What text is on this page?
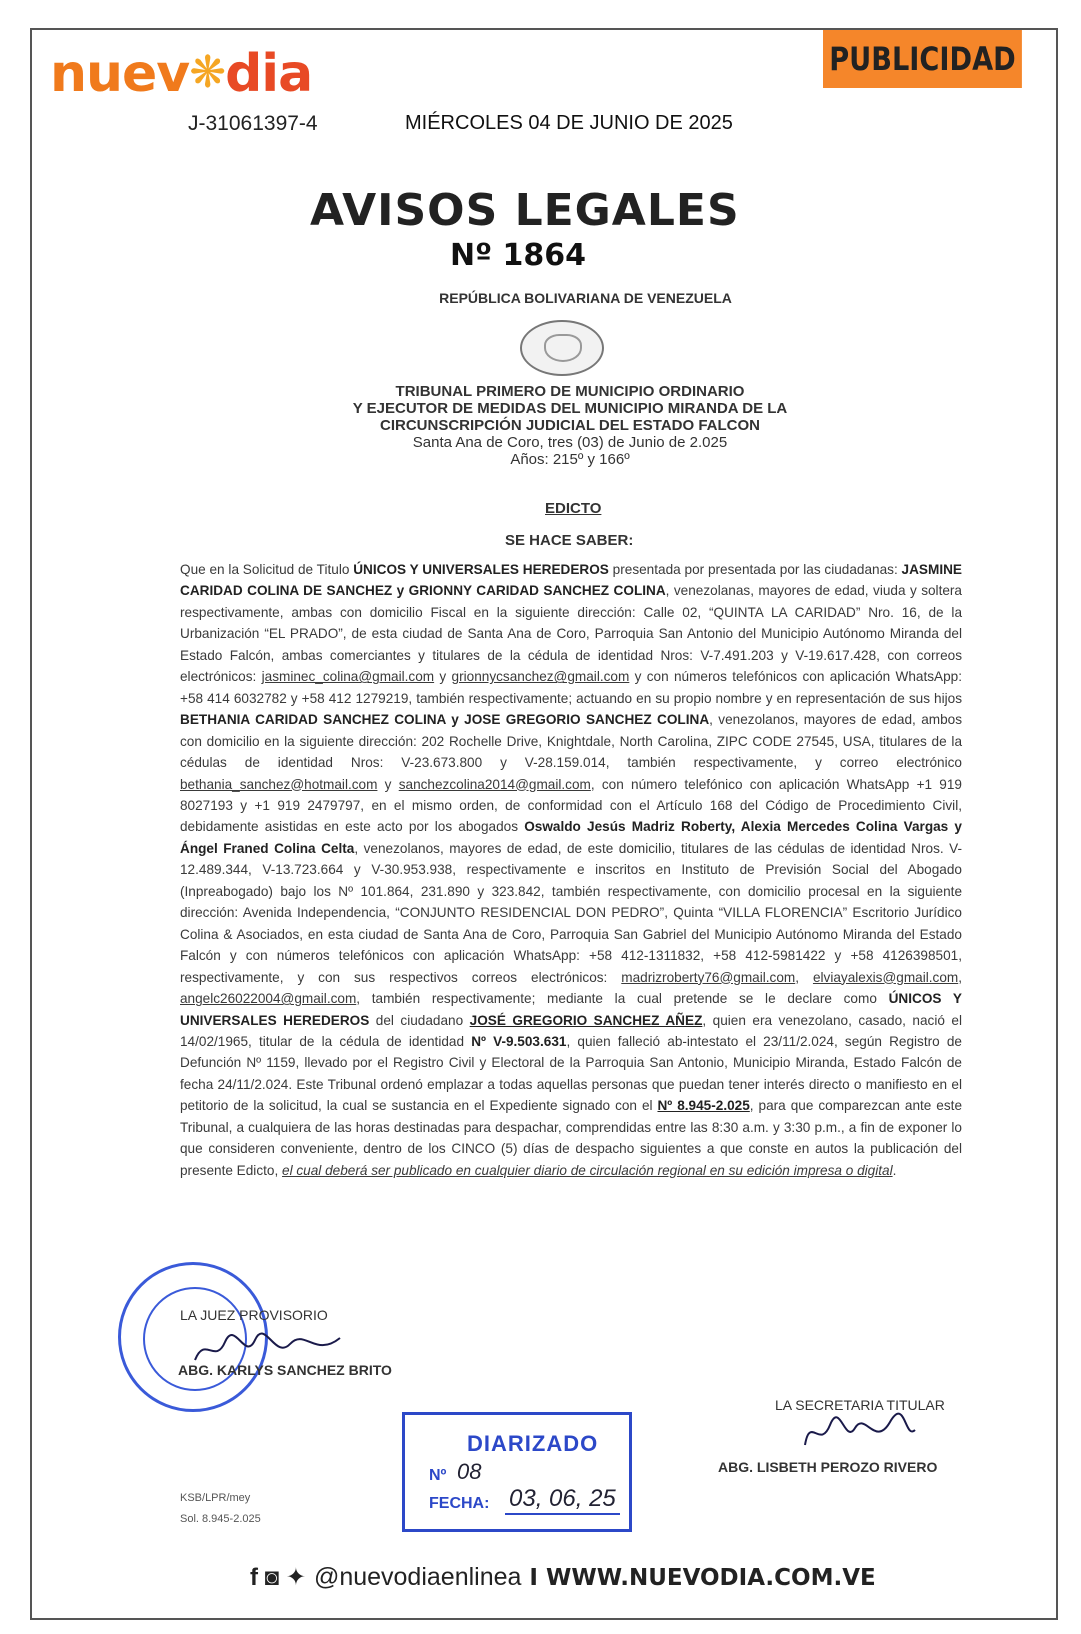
nuev❋dia
J-31061397-4	MIÉRCOLES 04 DE JUNIO DE 2025
PUBLICIDAD
AVISOS LEGALES
Nº 1864
REPÚBLICA BOLIVARIANA DE VENEZUELA
TRIBUNAL PRIMERO DE MUNICIPIO ORDINARIO
Y EJECUTOR DE MEDIDAS DEL MUNICIPIO MIRANDA DE LA
CIRCUNSCRIPCIÓN JUDICIAL DEL ESTADO FALCON
Santa Ana de Coro, tres (03) de Junio de 2.025
Años: 215º y 166º
EDICTO
SE HACE SABER:
Que en la Solicitud de Titulo ÚNICOS Y UNIVERSALES HEREDEROS presentada por presentada por las ciudadanas: JASMINE CARIDAD COLINA DE SANCHEZ y GRIONNY CARIDAD SANCHEZ COLINA, venezolanas, mayores de edad, viuda y soltera respectivamente, ambas con domicilio Fiscal en la siguiente dirección: Calle 02, “QUINTA LA CARIDAD” Nro. 16, de la Urbanización “EL PRADO”, de esta ciudad de Santa Ana de Coro, Parroquia San Antonio del Municipio Autónomo Miranda del Estado Falcón, ambas comerciantes y titulares de la cédula de identidad Nros: V-7.491.203 y V-19.617.428, con correos electrónicos: jasminec_colina@gmail.com y grionnycsanchez@gmail.com y con números telefónicos con aplicación WhatsApp: +58 414 6032782 y +58 412 1279219, también respectivamente; actuando en su propio nombre y en representación de sus hijos BETHANIA CARIDAD SANCHEZ COLINA y JOSE GREGORIO SANCHEZ COLINA, venezolanos, mayores de edad, ambos con domicilio en la siguiente dirección: 202 Rochelle Drive, Knightdale, North Carolina, ZIPC CODE 27545, USA, titulares de la cédulas de identidad Nros: V-23.673.800 y V-28.159.014, también respectivamente, y correo electrónico bethania_sanchez@hotmail.com y sanchezcolina2014@gmail.com, con número telefónico con aplicación WhatsApp +1 919 8027193 y +1 919 2479797, en el mismo orden, de conformidad con el Artículo 168 del Código de Procedimiento Civil, debidamente asistidas en este acto por los abogados Oswaldo Jesús Madriz Roberty, Alexia Mercedes Colina Vargas y Ángel Franed Colina Celta, venezolanos, mayores de edad, de este domicilio, titulares de las cédulas de identidad Nros. V-12.489.344, V-13.723.664 y V-30.953.938, respectivamente e inscritos en Instituto de Previsión Social del Abogado (Inpreabogado) bajo los Nº 101.864, 231.890 y 323.842, también respectivamente, con domicilio procesal en la siguiente dirección: Avenida Independencia, “CONJUNTO RESIDENCIAL DON PEDRO”, Quinta “VILLA FLORENCIA” Escritorio Jurídico Colina & Asociados, en esta ciudad de Santa Ana de Coro, Parroquia San Gabriel del Municipio Autónomo Miranda del Estado Falcón y con números telefónicos con aplicación WhatsApp: +58 412-1311832, +58 412-5981422 y +58 4126398501, respectivamente, y con sus respectivos correos electrónicos: madrizroberty76@gmail.com, elviayalexis@gmail.com, angelc26022004@gmail.com, también respectivamente; mediante la cual pretende se le declare como ÚNICOS Y UNIVERSALES HEREDEROS del ciudadano JOSÉ GREGORIO SANCHEZ AÑEZ, quien era venezolano, casado, nació el 14/02/1965, titular de la cédula de identidad Nº V-9.503.631, quien falleció ab-intestato el 23/11/2.024, según Registro de Defunción Nº 1159, llevado por el Registro Civil y Electoral de la Parroquia San Antonio, Municipio Miranda, Estado Falcón de fecha 24/11/2.024. Este Tribunal ordenó emplazar a todas aquellas personas que puedan tener interés directo o manifiesto en el petitorio de la solicitud, la cual se sustancia en el Expediente signado con el Nº 8.945-2.025, para que comparezcan ante este Tribunal, a cualquiera de las horas destinadas para despachar, comprendidas entre las 8:30 a.m. y 3:30 p.m., a fin de exponer lo que consideren conveniente, dentro de los CINCO (5) días de despacho siguientes a que conste en autos la publicación del presente Edicto, el cual deberá ser publicado en cualquier diario de circulación regional en su edición impresa o digital.
LA JUEZ PROVISORIO
ABG. KARLYS SANCHEZ BRITO
LA SECRETARIA TITULAR
ABG. LISBETH PEROZO RIVERO
DIARIZADO
Nº 08
FECHA: 03, 06, 25
KSB/LPR/mey
Sol. 8.945-2.025
f ◙ ✦ @nuevodiaenlinea I WWW.NUEVODIA.COM.VE
